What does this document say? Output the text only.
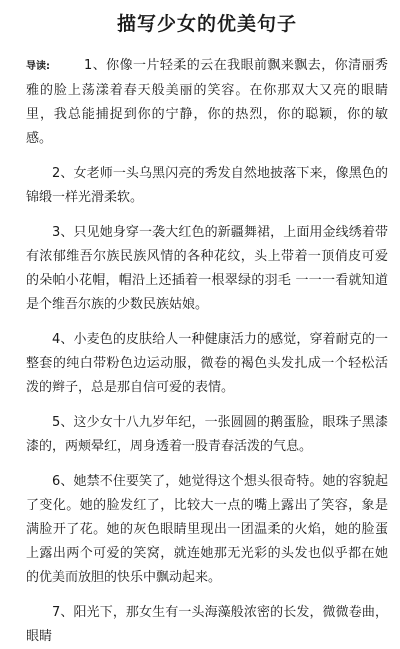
描写少女的优美句子

导读:	1、你像一片轻柔的云在我眼前飘来飘去，你清丽秀雅的脸上荡漾着春天般美丽的笑容。在你那双大又亮的眼睛里，我总能捕捉到你的宁静，你的热烈，你的聪颖，你的敏感。

2、女老师一头乌黑闪亮的秀发自然地披落下来，像黑色的锦缎一样光滑柔软。

3、只见她身穿一袭大红色的新疆舞裙，上面用金线绣着带有浓郁维吾尔族民族风情的各种花纹，头上带着一顶俏皮可爱的朵帕小花帽，帽沿上还插着一根翠绿的羽毛 一一一看就知道是个维吾尔族的少数民族姑娘。

4、小麦色的皮肤给人一种健康活力的感觉，穿着耐克的一整套的纯白带粉色边运动服，微卷的褐色头发扎成一个轻松活泼的辫子，总是那自信可爱的表情。

5、这少女十八九岁年纪，一张圆圆的鹅蛋脸，眼珠子黑漆漆的，两颊晕红，周身透着一股青春活泼的气息。

6、她禁不住要笑了，她觉得这个想头很奇特。她的容貌起了变化。她的脸发红了，比较大一点的嘴上露出了笑容，象是满脸开了花。她的灰色眼睛里现出一团温柔的火焰，她的脸蛋上露出两个可爱的笑窝，就连她那无光彩的头发也似乎都在她的优美而放胆的快乐中飘动起来。

7、阳光下，那女生有一头海藻般浓密的长发，微微卷曲，眼睛
